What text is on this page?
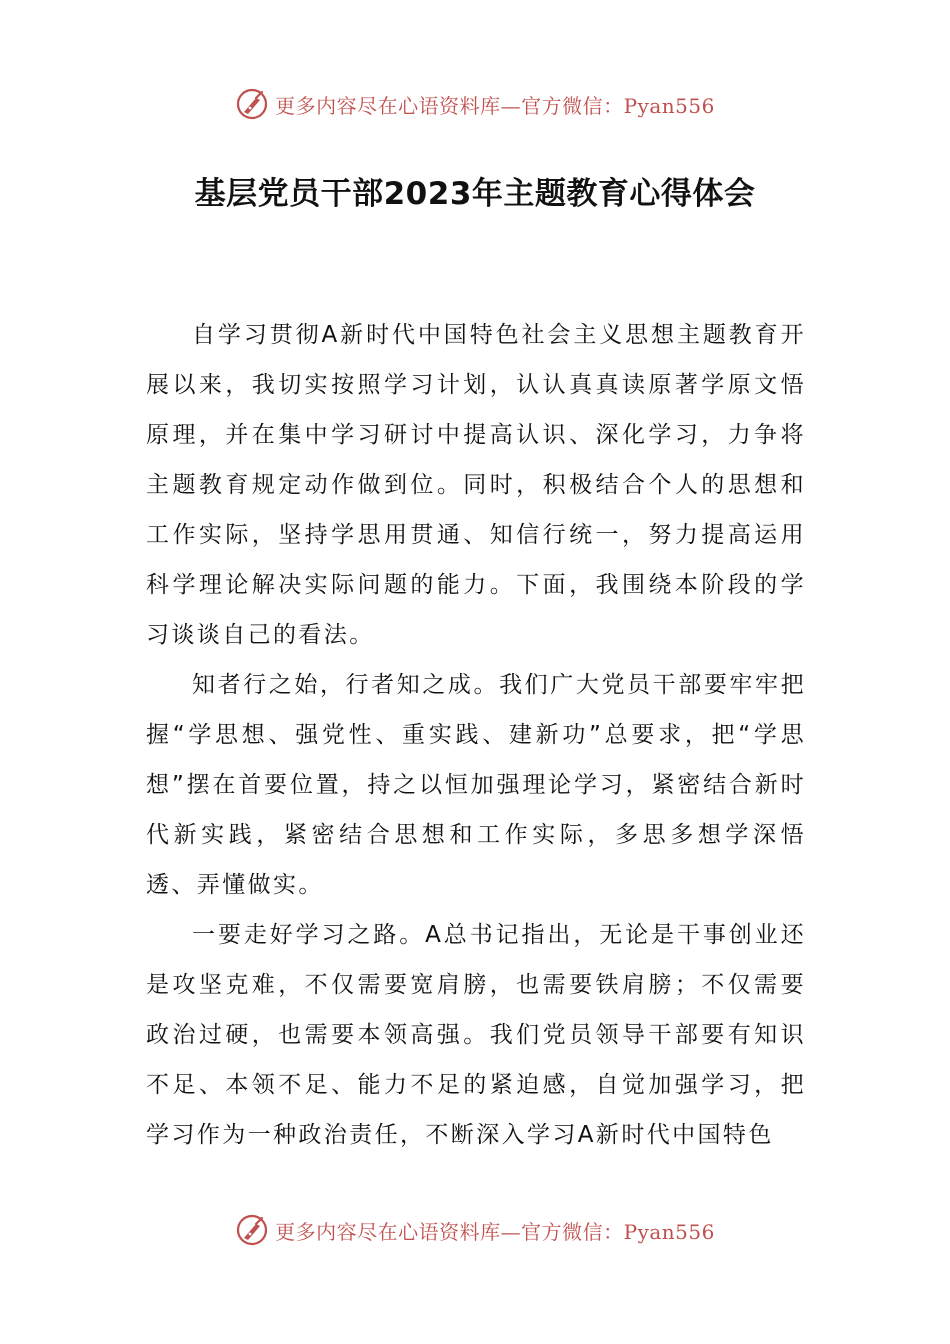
更多内容尽在心语资料库—官方微信：Pyan556
基层党员干部2023年主题教育心得体会

自学习贯彻A新时代中国特色社会主义思想主题教育开展以来，我切实按照学习计划，认认真真读原著学原文悟原理，并在集中学习研讨中提高认识、深化学习，力争将主题教育规定动作做到位。同时，积极结合个人的思想和工作实际，坚持学思用贯通、知信行统一，努力提高运用科学理论解决实际问题的能力。下面，我围绕本阶段的学习谈谈自己的看法。

知者行之始，行者知之成。我们广大党员干部要牢牢把握“学思想、强党性、重实践、建新功”总要求，把“学思想”摆在首要位置，持之以恒加强理论学习，紧密结合新时代新实践，紧密结合思想和工作实际，多思多想学深悟透、弄懂做实。

一要走好学习之路。A总书记指出，无论是干事创业还是攻坚克难，不仅需要宽肩膀，也需要铁肩膀；不仅需要政治过硬，也需要本领高强。我们党员领导干部要有知识不足、本领不足、能力不足的紧迫感，自觉加强学习，把学习作为一种政治责任，不断深入学习A新时代中国特色

更多内容尽在心语资料库—官方微信：Pyan556
